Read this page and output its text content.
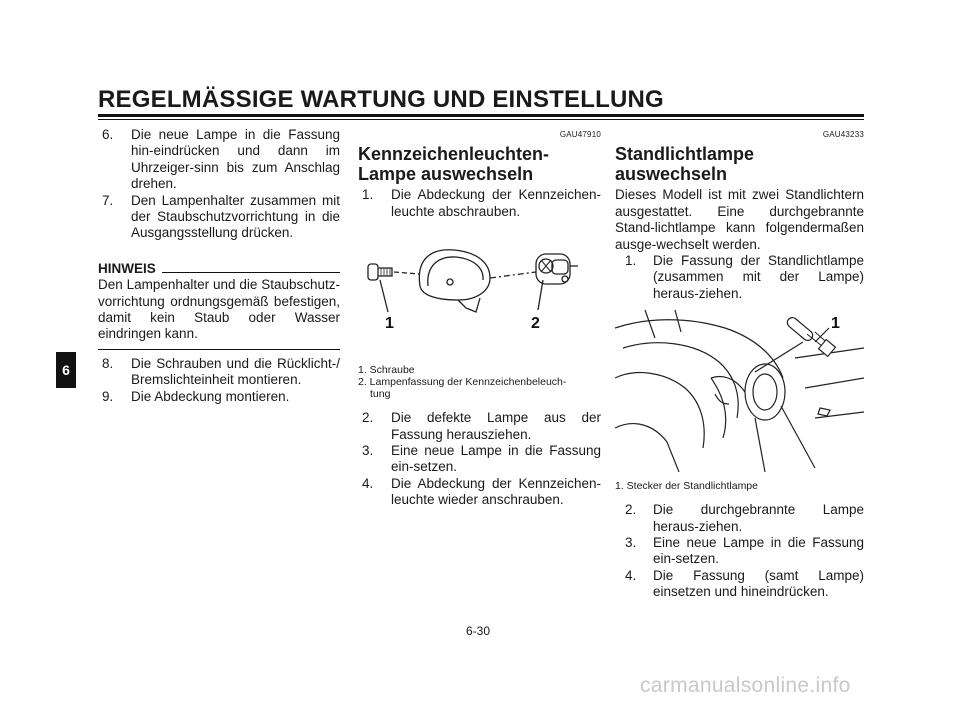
REGELMÄSSIGE WARTUNG UND EINSTELLUNG
6
6.	Die neue Lampe in die Fassung hin-eindrücken und dann im Uhrzeiger-sinn bis zum Anschlag drehen.
7.	Den Lampenhalter zusammen mit der Staubschutzvorrichtung in die Ausgangsstellung drücken.
HINWEIS
Den Lampenhalter und die Staubschutz-vorrichtung ordnungsgemäß befestigen, damit kein Staub oder Wasser eindringen kann.
8.	Die Schrauben und die Rücklicht-/ Bremslichteinheit montieren.
9.	Die Abdeckung montieren.
GAU47910
Kennzeichenleuchten-Lampe auswechseln
1.	Die Abdeckung der Kennzeichen-leuchte abschrauben.
1	2
1. Schraube
2. Lampenfassung der Kennzeichenbeleuch-
tung
2.	Die defekte Lampe aus der Fassung herausziehen.
3.	Eine neue Lampe in die Fassung ein-setzen.
4.	Die Abdeckung der Kennzeichen-leuchte wieder anschrauben.
GAU43233
Standlichtlampe auswechseln
Dieses Modell ist mit zwei Standlichtern ausgestattet. Eine durchgebrannte Stand-lichtlampe kann folgendermaßen ausge-wechselt werden.
1.	Die Fassung der Standlichtlampe (zusammen mit der Lampe) heraus-ziehen.
1
1. Stecker der Standlichtlampe
2.	Die durchgebrannte Lampe heraus-ziehen.
3.	Eine neue Lampe in die Fassung ein-setzen.
4.	Die Fassung (samt Lampe) einsetzen und hineindrücken.
6-30
carmanualsonline.info
